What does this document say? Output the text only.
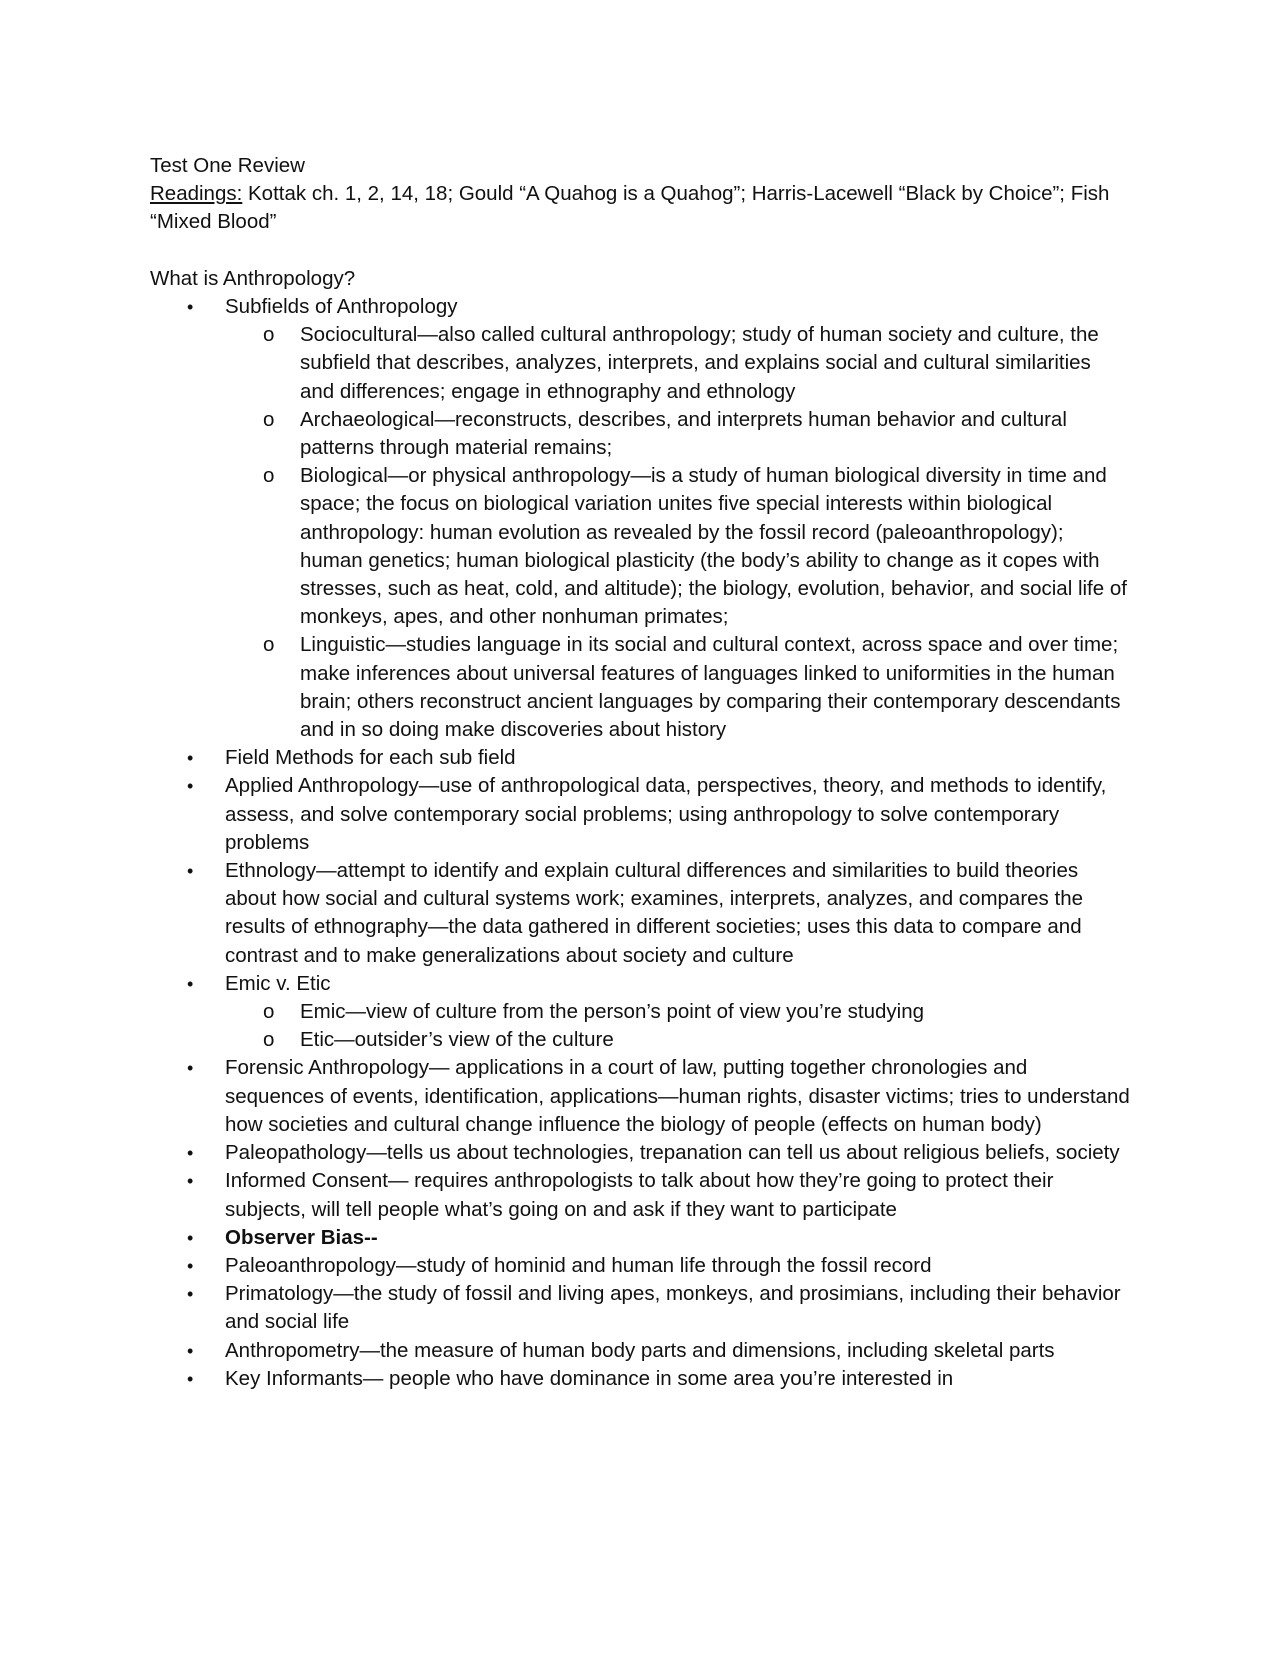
Test One Review

Readings: Kottak ch. 1, 2, 14, 18; Gould “A Quahog is a Quahog”; Harris-Lacewell “Black by Choice”; Fish “Mixed Blood”

What is Anthropology?

• Subfields of Anthropology
o Sociocultural—also called cultural anthropology; study of human society and culture, the subfield that describes, analyzes, interprets, and explains social and cultural similarities and differences; engage in ethnography and ethnology
o Archaeological—reconstructs, describes, and interprets human behavior and cultural patterns through material remains;
o Biological—or physical anthropology—is a study of human biological diversity in time and space; the focus on biological variation unites five special interests within biological anthropology: human evolution as revealed by the fossil record (paleoanthropology); human genetics; human biological plasticity (the body’s ability to change as it copes with stresses, such as heat, cold, and altitude); the biology, evolution, behavior, and social life of monkeys, apes, and other nonhuman primates;
o Linguistic—studies language in its social and cultural context, across space and over time; make inferences about universal features of languages linked to uniformities in the human brain; others reconstruct ancient languages by comparing their contemporary descendants and in so doing make discoveries about history
• Field Methods for each sub field
• Applied Anthropology—use of anthropological data, perspectives, theory, and methods to identify, assess, and solve contemporary social problems; using anthropology to solve contemporary problems
• Ethnology—attempt to identify and explain cultural differences and similarities to build theories about how social and cultural systems work; examines, interprets, analyzes, and compares the results of ethnography—the data gathered in different societies; uses this data to compare and contrast and to make generalizations about society and culture
• Emic v. Etic
o Emic—view of culture from the person’s point of view you’re studying
o Etic—outsider’s view of the culture
• Forensic Anthropology— applications in a court of law, putting together chronologies and sequences of events, identification, applications—human rights, disaster victims; tries to understand how societies and cultural change influence the biology of people (effects on human body)
• Paleopathology—tells us about technologies, trepanation can tell us about religious beliefs, society
• Informed Consent— requires anthropologists to talk about how they’re going to protect their subjects, will tell people what’s going on and ask if they want to participate
• Observer Bias--
• Paleoanthropology—study of hominid and human life through the fossil record
• Primatology—the study of fossil and living apes, monkeys, and prosimians, including their behavior and social life
• Anthropometry—the measure of human body parts and dimensions, including skeletal parts
• Key Informants— people who have dominance in some area you’re interested in
